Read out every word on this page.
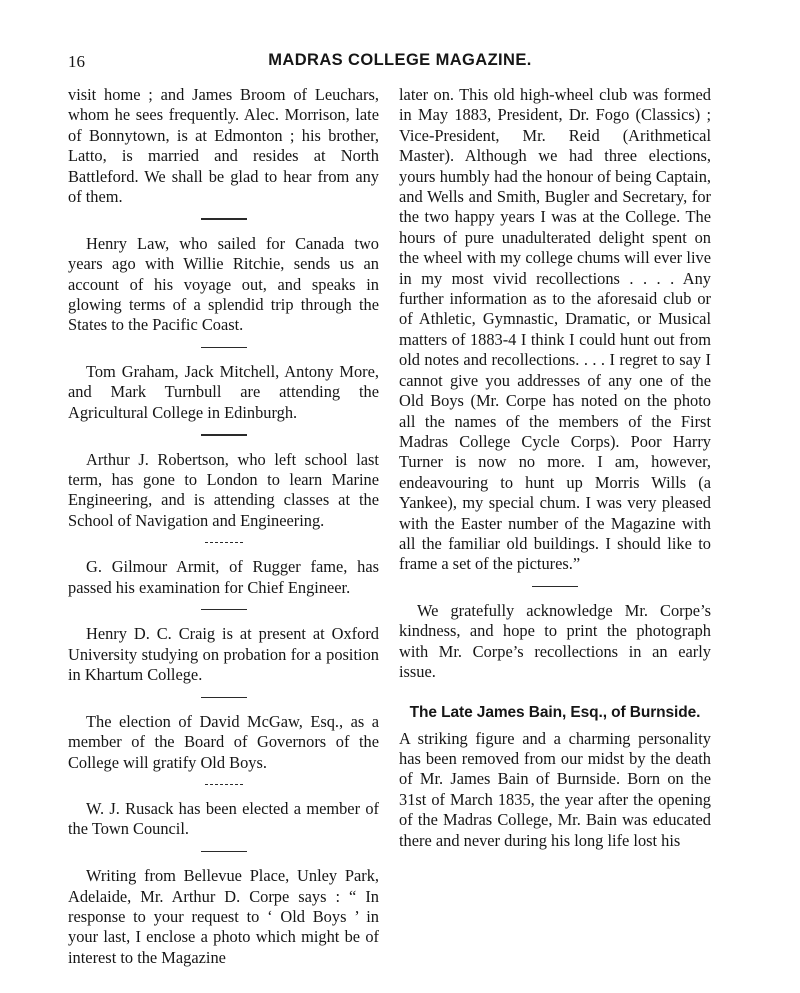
16	MADRAS COLLEGE MAGAZINE.

visit home ; and James Broom of Leuchars, whom he sees frequently. Alec. Morrison, late of Bonnytown, is at Edmonton ; his brother, Latto, is married and resides at North Battleford. We shall be glad to hear from any of them.

Henry Law, who sailed for Canada two years ago with Willie Ritchie, sends us an account of his voyage out, and speaks in glowing terms of a splendid trip through the States to the Pacific Coast.

Tom Graham, Jack Mitchell, Antony More, and Mark Turnbull are attending the Agricultural College in Edinburgh.

Arthur J. Robertson, who left school last term, has gone to London to learn Marine Engineering, and is attending classes at the School of Navigation and Engineering.

G. Gilmour Armit, of Rugger fame, has passed his examination for Chief Engineer.

Henry D. C. Craig is at present at Oxford University studying on probation for a position in Khartum College.

The election of David McGaw, Esq., as a member of the Board of Governors of the College will gratify Old Boys.

W. J. Rusack has been elected a member of the Town Council.

Writing from Bellevue Place, Unley Park, Adelaide, Mr. Arthur D. Corpe says : “ In response to your request to ‘ Old Boys ’ in your last, I enclose a photo which might be of interest to the Magazine

later on. This old high-wheel club was formed in May 1883, President, Dr. Fogo (Classics) ; Vice-President, Mr. Reid (Arithmetical Master). Although we had three elections, yours humbly had the honour of being Captain, and Wells and Smith, Bugler and Secretary, for the two happy years I was at the College. The hours of pure unadulterated delight spent on the wheel with my college chums will ever live in my most vivid recollections . . . . Any further information as to the aforesaid club or of Athletic, Gymnastic, Dramatic, or Musical matters of 1883-4 I think I could hunt out from old notes and recollections. . . . I regret to say I cannot give you addresses of any one of the Old Boys (Mr. Corpe has noted on the photo all the names of the members of the First Madras College Cycle Corps). Poor Harry Turner is now no more. I am, however, endeavouring to hunt up Morris Wills (a Yankee), my special chum. I was very pleased with the Easter number of the Magazine with all the familiar old buildings. I should like to frame a set of the pictures.”

We gratefully acknowledge Mr. Corpe’s kindness, and hope to print the photograph with Mr. Corpe’s recollections in an early issue.

The Late James Bain, Esq., of Burnside.

A striking figure and a charming personality has been removed from our midst by the death of Mr. James Bain of Burnside. Born on the 31st of March 1835, the year after the opening of the Madras College, Mr. Bain was educated there and never during his long life lost his
